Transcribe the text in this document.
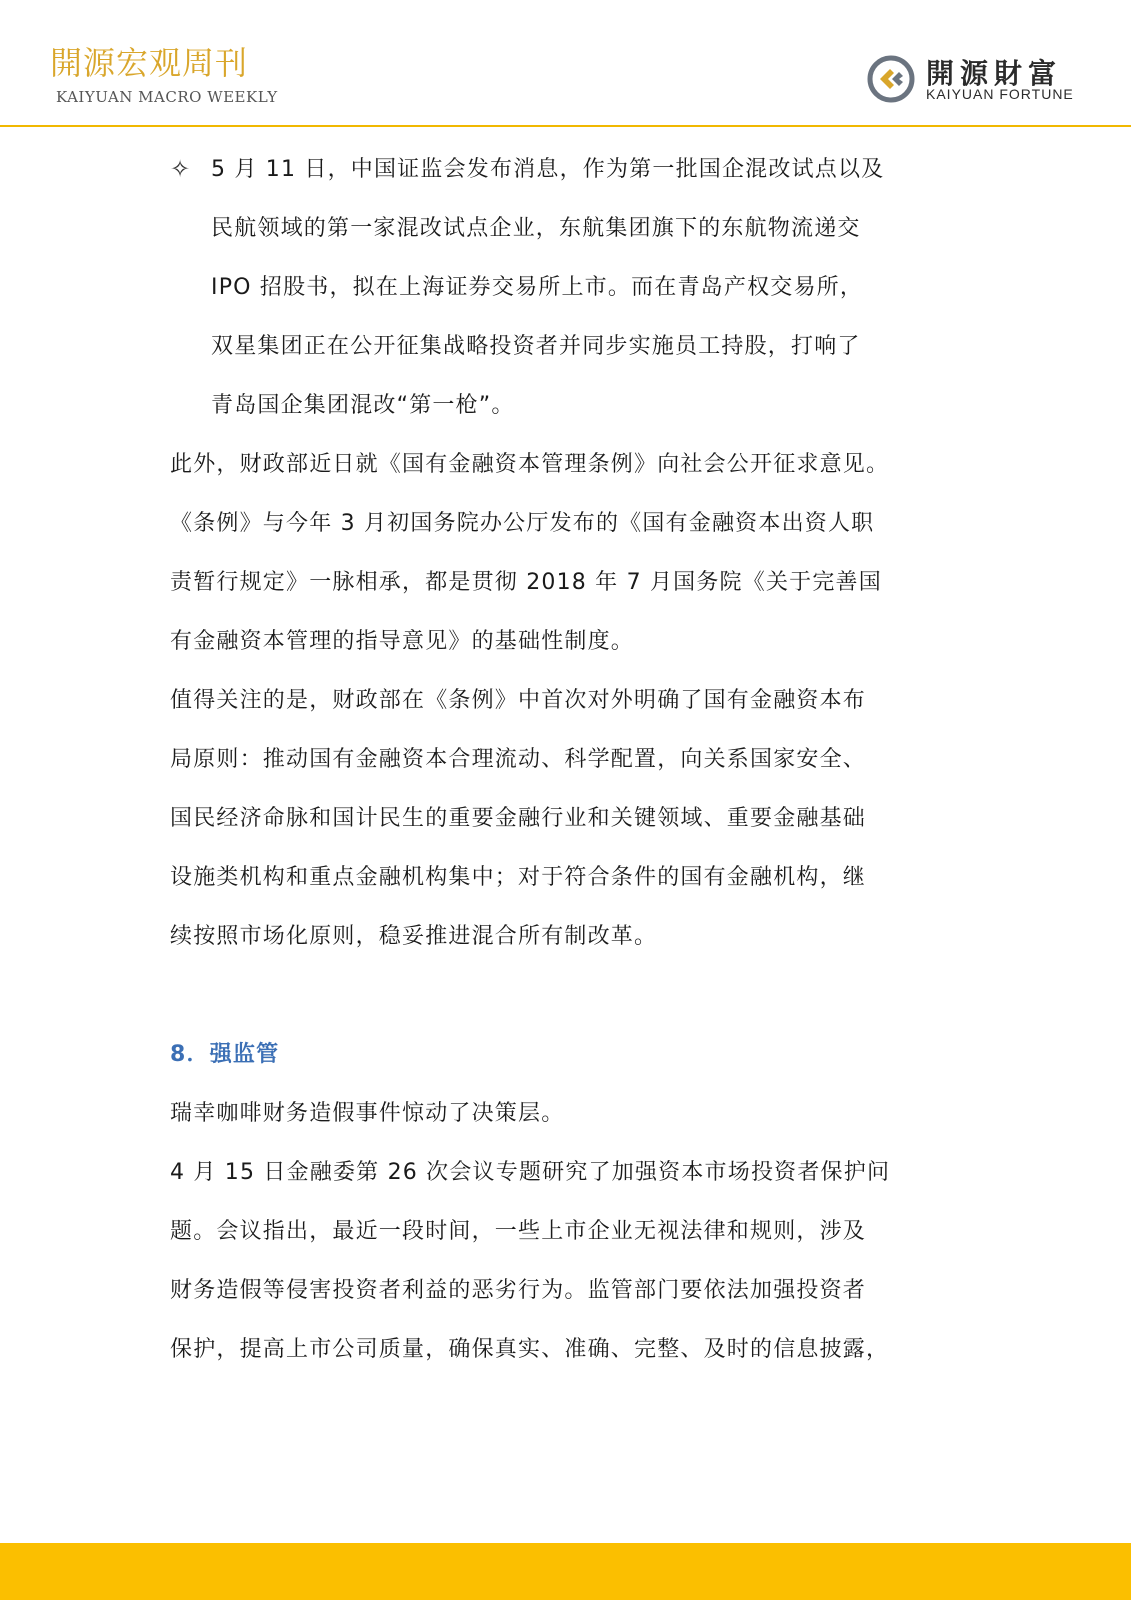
開源宏观周刊
KAIYUAN MACRO WEEKLY
開源財富
KAIYUAN FORTUNE
✧ 5 月 11 日，中国证监会发布消息，作为第一批国企混改试点以及
民航领域的第一家混改试点企业，东航集团旗下的东航物流递交
IPO 招股书，拟在上海证券交易所上市。而在青岛产权交易所，
双星集团正在公开征集战略投资者并同步实施员工持股，打响了
青岛国企集团混改“第一枪”。

此外，财政部近日就《国有金融资本管理条例》向社会公开征求意见。
《条例》与今年 3 月初国务院办公厅发布的《国有金融资本出资人职
责暂行规定》一脉相承，都是贯彻 2018 年 7 月国务院《关于完善国
有金融资本管理的指导意见》的基础性制度。

值得关注的是，财政部在《条例》中首次对外明确了国有金融资本布
局原则：推动国有金融资本合理流动、科学配置，向关系国家安全、
国民经济命脉和国计民生的重要金融行业和关键领域、重要金融基础
设施类机构和重点金融机构集中；对于符合条件的国有金融机构，继
续按照市场化原则，稳妥推进混合所有制改革。

8．强监管

瑞幸咖啡财务造假事件惊动了决策层。

4 月 15 日金融委第 26 次会议专题研究了加强资本市场投资者保护问
题。会议指出，最近一段时间，一些上市企业无视法律和规则，涉及
财务造假等侵害投资者利益的恶劣行为。监管部门要依法加强投资者
保护，提高上市公司质量，确保真实、准确、完整、及时的信息披露，
